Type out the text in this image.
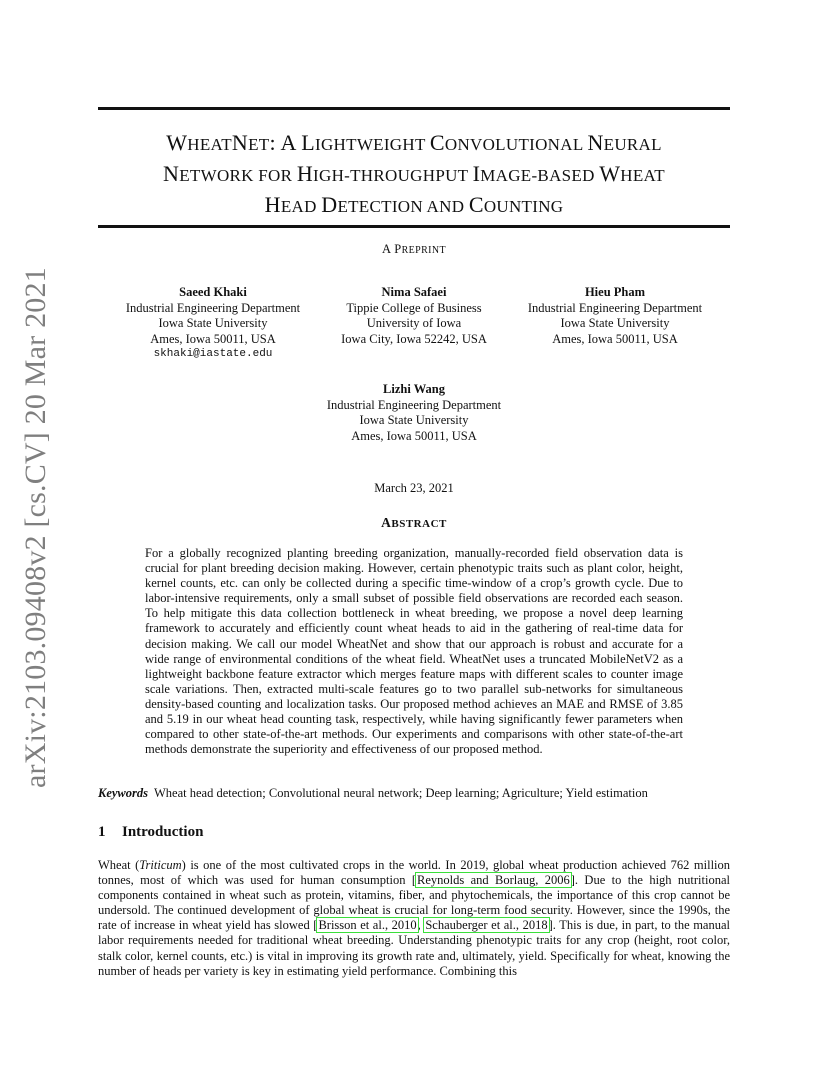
arXiv:2103.09408v2 [cs.CV] 20 Mar 2021
WHEATNET: A LIGHTWEIGHT CONVOLUTIONAL NEURAL
NETWORK FOR HIGH-THROUGHPUT IMAGE-BASED WHEAT
HEAD DETECTION AND COUNTING
A PREPRINT
Saeed Khaki
Industrial Engineering Department
Iowa State University
Ames, Iowa 50011, USA
skhaki@iastate.edu
Nima Safaei
Tippie College of Business
University of Iowa
Iowa City, Iowa 52242, USA
Hieu Pham
Industrial Engineering Department
Iowa State University
Ames, Iowa 50011, USA
Lizhi Wang
Industrial Engineering Department
Iowa State University
Ames, Iowa 50011, USA
March 23, 2021
ABSTRACT
For a globally recognized planting breeding organization, manually-recorded field observation data is crucial for plant breeding decision making. However, certain phenotypic traits such as plant color, height, kernel counts, etc. can only be collected during a specific time-window of a crop’s growth cycle. Due to labor-intensive requirements, only a small subset of possible field observations are recorded each season. To help mitigate this data collection bottleneck in wheat breeding, we propose a novel deep learning framework to accurately and efficiently count wheat heads to aid in the gathering of real-time data for decision making. We call our model WheatNet and show that our approach is robust and accurate for a wide range of environmental conditions of the wheat field. WheatNet uses a truncated MobileNetV2 as a lightweight backbone feature extractor which merges feature maps with different scales to counter image scale variations. Then, extracted multi-scale features go to two parallel sub-networks for simultaneous density-based counting and localization tasks. Our proposed method achieves an MAE and RMSE of 3.85 and 5.19 in our wheat head counting task, respectively, while having significantly fewer parameters when compared to other state-of-the-art methods. Our experiments and comparisons with other state-of-the-art methods demonstrate the superiority and effectiveness of our proposed method.
Keywords Wheat head detection; Convolutional neural network; Deep learning; Agriculture; Yield estimation
1 Introduction
Wheat (Triticum) is one of the most cultivated crops in the world. In 2019, global wheat production achieved 762 million tonnes, most of which was used for human consumption [Reynolds and Borlaug, 2006]. Due to the high nutritional components contained in wheat such as protein, vitamins, fiber, and phytochemicals, the importance of this crop cannot be undersold. The continued development of global wheat is crucial for long-term food security. However, since the 1990s, the rate of increase in wheat yield has slowed [Brisson et al., 2010, Schauberger et al., 2018]. This is due, in part, to the manual labor requirements needed for traditional wheat breeding. Understanding phenotypic traits for any crop (height, root color, stalk color, kernel counts, etc.) is vital in improving its growth rate and, ultimately, yield. Specifically for wheat, knowing the number of heads per variety is key in estimating yield performance. Combining this
